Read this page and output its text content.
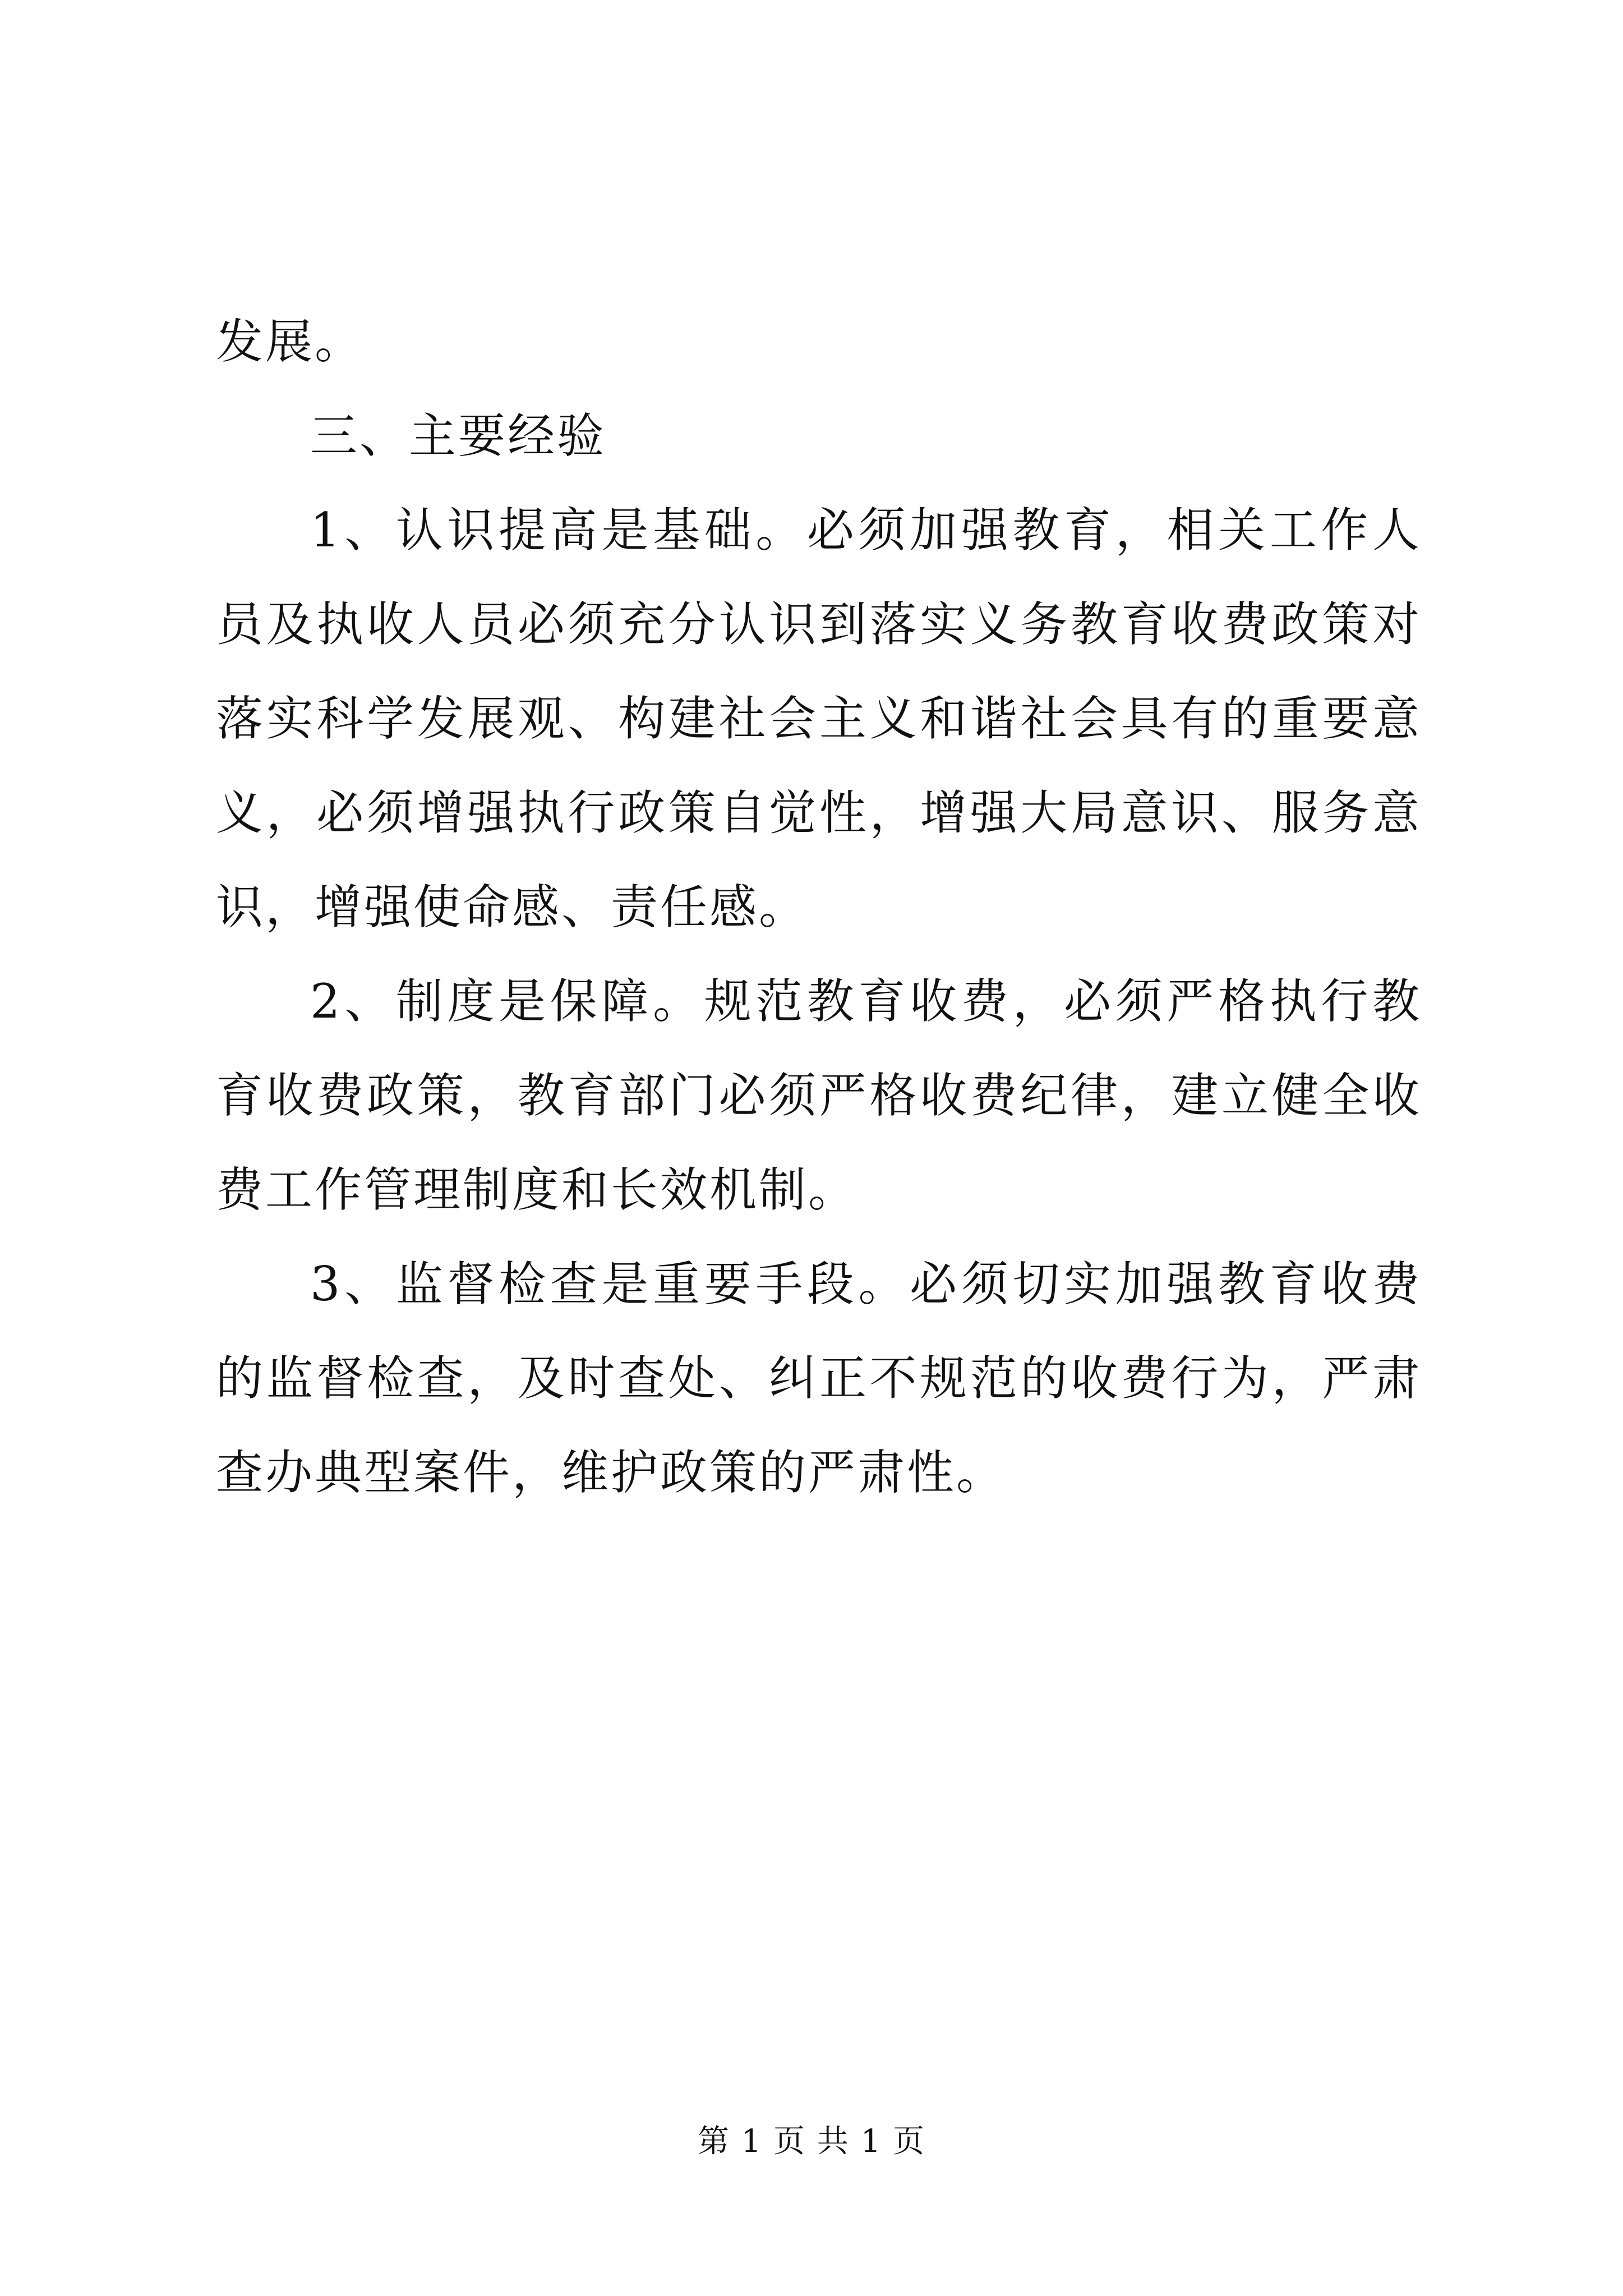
发展。

三、主要经验

1、认识提高是基础。必须加强教育，相关工作人员及执收人员必须充分认识到落实义务教育收费政策对落实科学发展观、构建社会主义和谐社会具有的重要意义，必须增强执行政策自觉性，增强大局意识、服务意识，增强使命感、责任感。

2、制度是保障。规范教育收费，必须严格执行教育收费政策，教育部门必须严格收费纪律，建立健全收费工作管理制度和长效机制。

3、监督检查是重要手段。必须切实加强教育收费的监督检查，及时查处、纠正不规范的收费行为，严肃查办典型案件，维护政策的严肃性。

第 1 页 共 1 页
